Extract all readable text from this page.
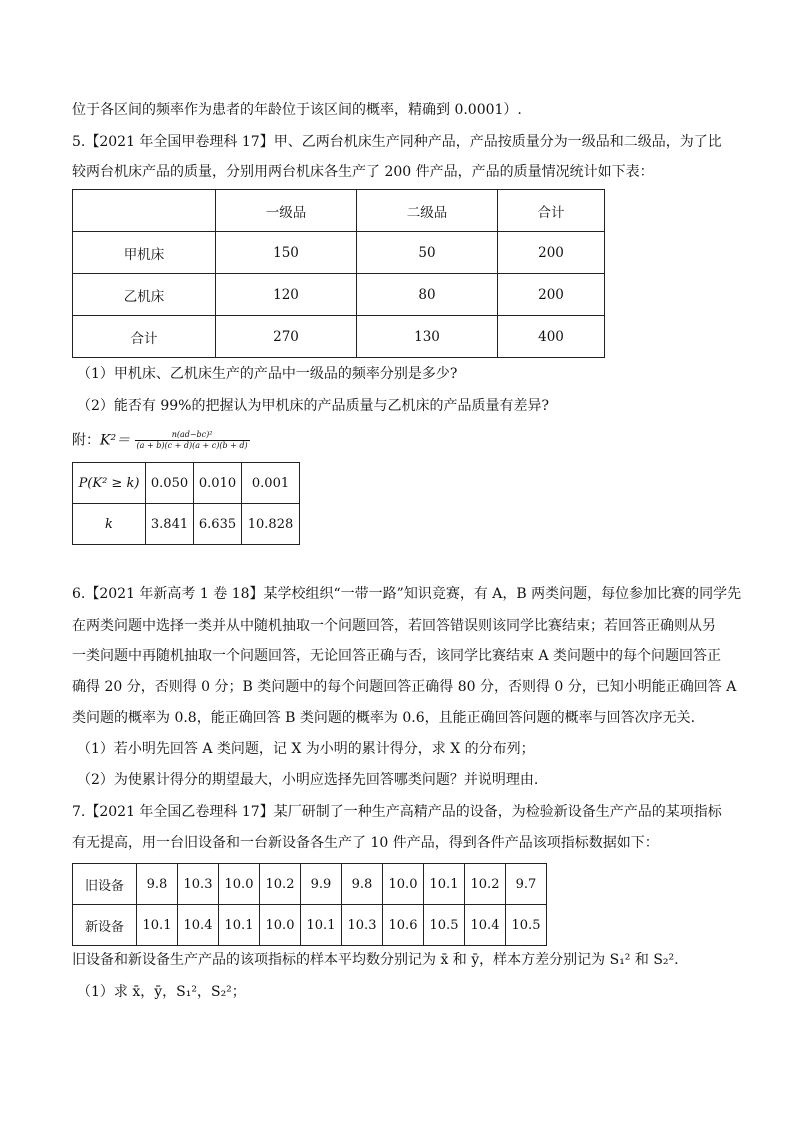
位于各区间的频率作为患者的年龄位于该区间的概率，精确到 0.0001）.
5.【2021 年全国甲卷理科 17】甲、乙两台机床生产同种产品，产品按质量分为一级品和二级品，为了比
较两台机床产品的质量，分别用两台机床各生产了 200 件产品，产品的质量情况统计如下表：
	一级品	二级品	合计
甲机床	150	50	200
乙机床	120	80	200
合计	270	130	400
（1）甲机床、乙机床生产的产品中一级品的频率分别是多少?
（2）能否有 99%的把握认为甲机床的产品质量与乙机床的产品质量有差异?
附：$K^2= \frac{\text{n(ad−bc)²}}{(a + b)(c + d)(a + c)(b + d)}$
P(K² ≥ k)	0.050	0.010	0.001
k	3.841	6.635	10.828
6.【2021 年新高考 1 卷 18】某学校组织“一带一路”知识竞赛，有 A，B 两类问题，每位参加比赛的同学先
在两类问题中选择一类并从中随机抽取一个问题回答，若回答错误则该同学比赛结束；若回答正确则从另
一类问题中再随机抽取一个问题回答，无论回答正确与否，该同学比赛结束 A 类问题中的每个问题回答正
确得 20 分，否则得 0 分；B 类问题中的每个问题回答正确得 80 分，否则得 0 分，已知小明能正确回答 A
类问题的概率为 0.8，能正确回答 B 类问题的概率为 0.6，且能正确回答问题的概率与回答次序无关.
（1）若小明先回答 A 类问题，记 X 为小明的累计得分，求 X 的分布列；
（2）为使累计得分的期望最大，小明应选择先回答哪类问题？并说明理由.
7.【2021 年全国乙卷理科 17】某厂研制了一种生产高精产品的设备，为检验新设备生产产品的某项指标
有无提高，用一台旧设备和一台新设备各生产了 10 件产品，得到各件产品该项指标数据如下：
旧设备	9.8	10.3	10.0	10.2	9.9	9.8	10.0	10.1	10.2	9.7
新设备	10.1	10.4	10.1	10.0	10.1	10.3	10.6	10.5	10.4	10.5
旧设备和新设备生产产品的该项指标的样本平均数分别记为 x̄ 和 ȳ，样本方差分别记为 S₁² 和 S₂².
（1）求 x̄，ȳ，S₁²，S₂²；
